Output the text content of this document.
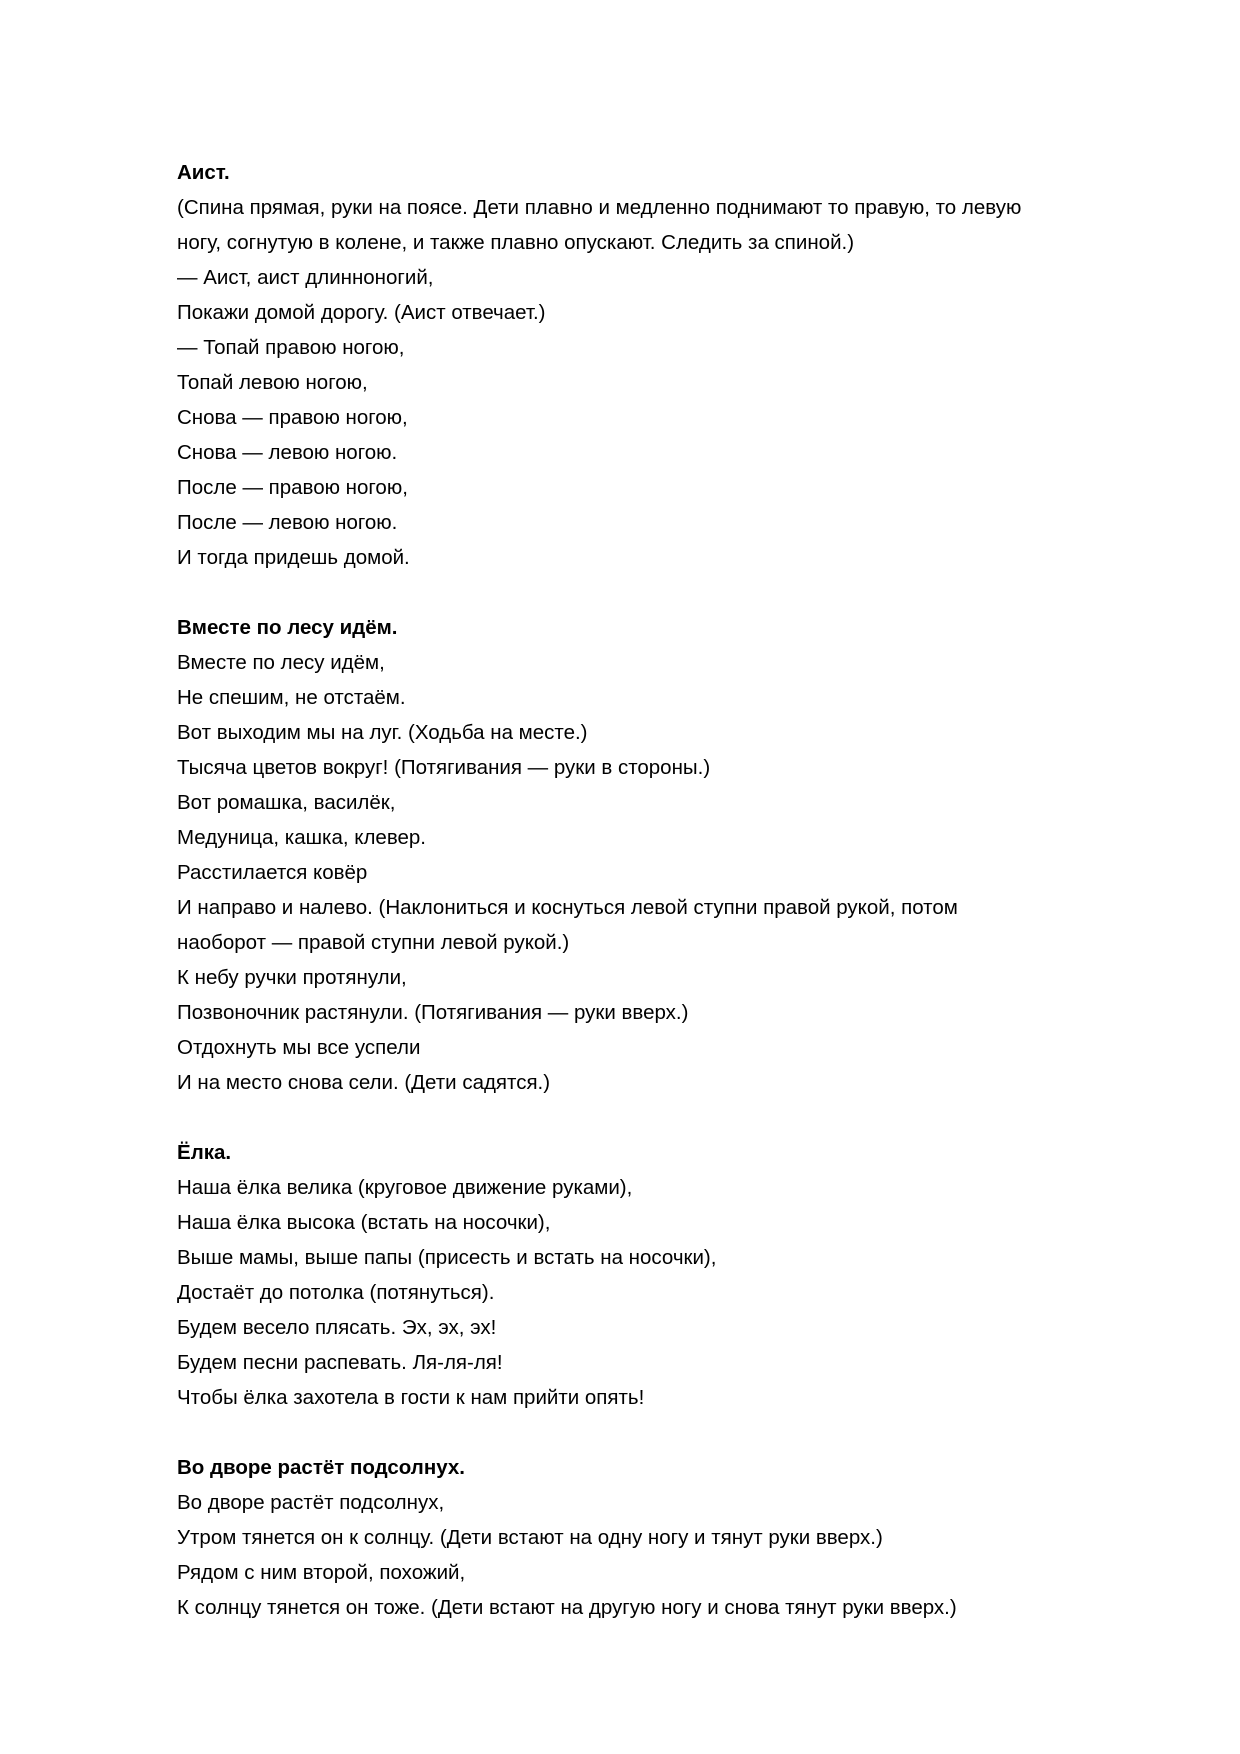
Аист.
(Спина прямая, руки на поясе. Дети плавно и медленно поднимают то правую, то левую
ногу, согнутую в колене, и также плавно опускают. Следить за спиной.)
— Аист, аист длинноногий,
Покажи домой дорогу. (Аист отвечает.)
— Топай правою ногою,
Топай левою ногою,
Снова — правою ногою,
Снова — левою ногою.
После — правою ногою,
После — левою ногою.
И тогда придешь домой.
Вместе по лесу идём.
Вместе по лесу идём,
Не спешим, не отстаём.
Вот выходим мы на луг. (Ходьба на месте.)
Тысяча цветов вокруг! (Потягивания — руки в стороны.)
Вот ромашка, василёк,
Медуница, кашка, клевер.
Расстилается ковёр
И направо и налево. (Наклониться и коснуться левой ступни правой рукой, потом
наоборот — правой ступни левой рукой.)
К небу ручки протянули,
Позвоночник растянули. (Потягивания — руки вверх.)
Отдохнуть мы все успели
И на место снова сели. (Дети садятся.)
Ёлка.
Наша ёлка велика (круговое движение руками),
Наша ёлка высока (встать на носочки),
Выше мамы, выше папы (присесть и встать на носочки),
Достаёт до потолка (потянуться).
Будем весело плясать. Эх, эх, эх!
Будем песни распевать. Ля-ля-ля!
Чтобы ёлка захотела в гости к нам прийти опять!
Во дворе растёт подсолнух.
Во дворе растёт подсолнух,
Утром тянется он к солнцу. (Дети встают на одну ногу и тянут руки вверх.)
Рядом с ним второй, похожий,
К солнцу тянется он тоже. (Дети встают на другую ногу и снова тянут руки вверх.)
